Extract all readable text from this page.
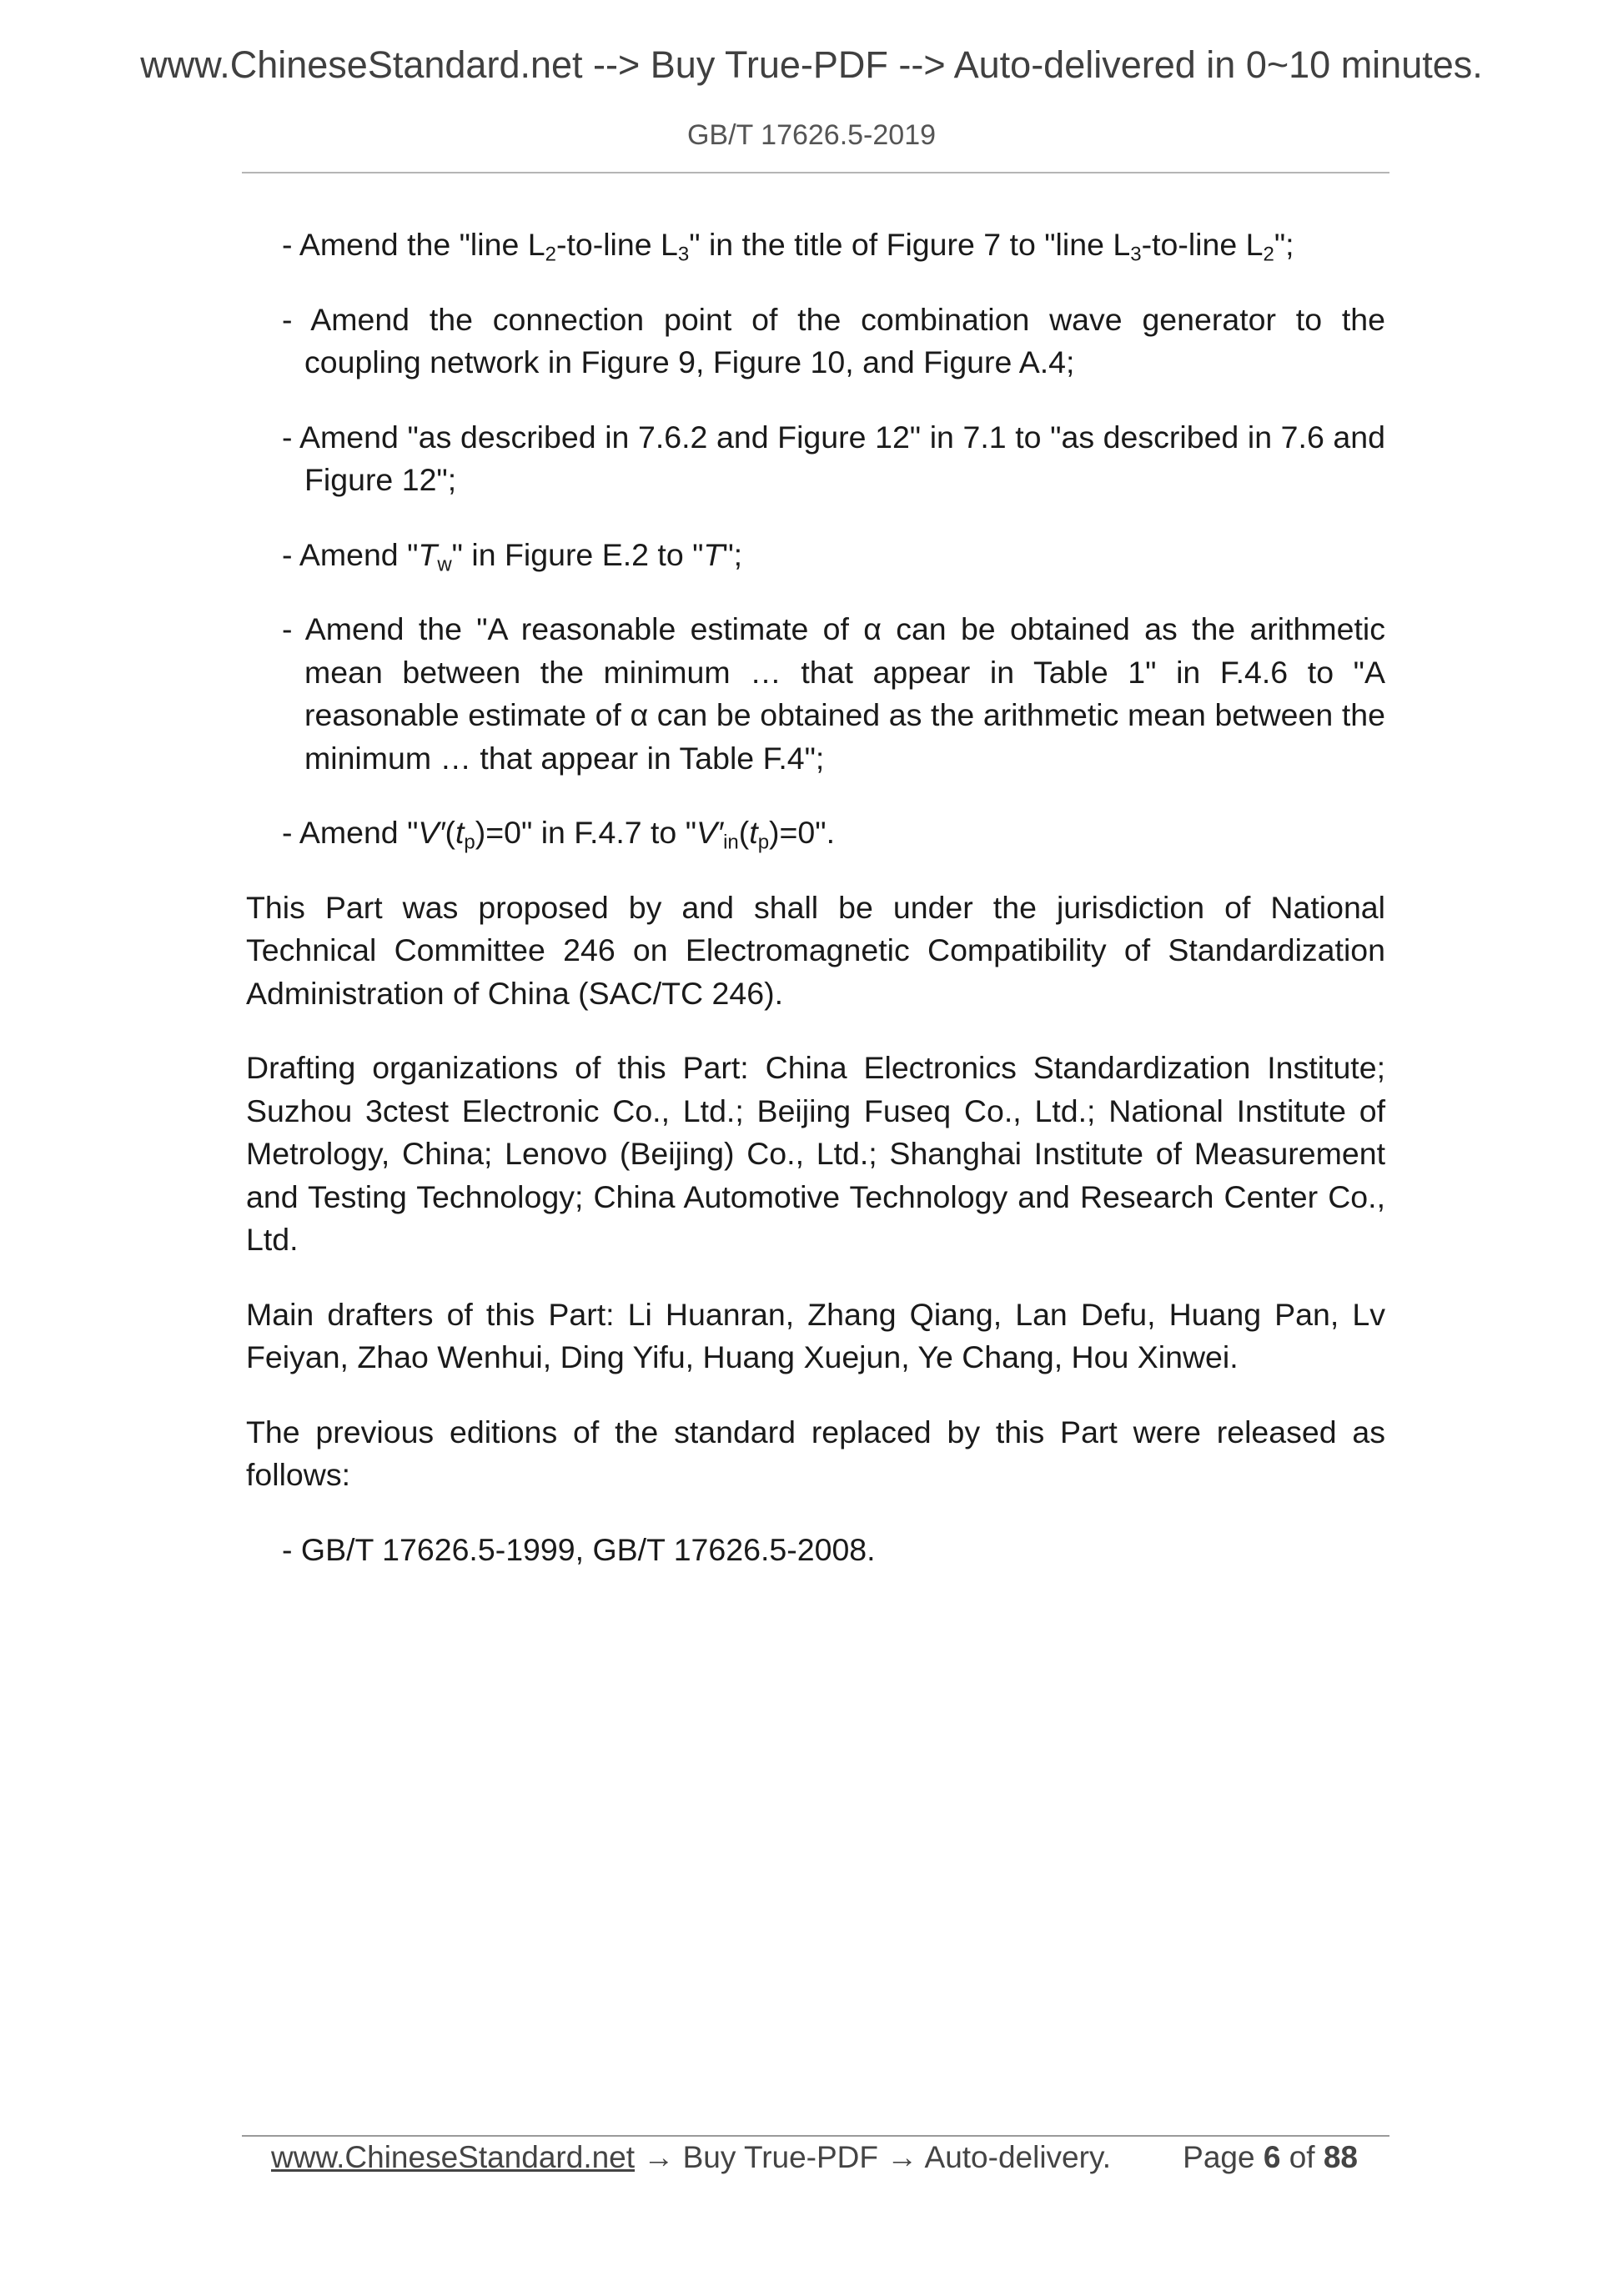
www.ChineseStandard.net --> Buy True-PDF --> Auto-delivered in 0~10 minutes.
GB/T 17626.5-2019

- Amend the "line $L_2-to$-line $L_3$" in the title of Figure 7 to "line $L_3-to$-line $L_2$";

- Amend the connection point of the combination wave generator to the coupling network in Figure 9, Figure 10, and Figure A.4;

- Amend "as described in 7.6.2 and Figure 12" in 7.1 to "as described in 7.6 and Figure 12";

- Amend "$T_w$" in Figure E.2 to "T";

- Amend the "A reasonable estimate of α can be obtained as the arithmetic mean between the minimum … that appear in Table 1" in F.4.6 to "A reasonable estimate of α can be obtained as the arithmetic mean between the minimum … that appear in Table F.4";

- Amend "$V'(t_p)=0$" in F.4.7 to "$V'_{in}(t_p)=0$".

This Part was proposed by and shall be under the jurisdiction of National Technical Committee 246 on Electromagnetic Compatibility of Standardization Administration of China (SAC/TC 246).

Drafting organizations of this Part: China Electronics Standardization Institute; Suzhou 3ctest Electronic Co., Ltd.; Beijing Fuseq Co., Ltd.; National Institute of Metrology, China; Lenovo (Beijing) Co., Ltd.; Shanghai Institute of Measurement and Testing Technology; China Automotive Technology and Research Center Co., Ltd.

Main drafters of this Part: Li Huanran, Zhang Qiang, Lan Defu, Huang Pan, Lv Feiyan, Zhao Wenhui, Ding Yifu, Huang Xuejun, Ye Chang, Hou Xinwei.

The previous editions of the standard replaced by this Part were released as follows:

- GB/T 17626.5-1999, GB/T 17626.5-2008.

www.ChineseStandard.net → Buy True-PDF → Auto-delivery. Page 6 of 88
